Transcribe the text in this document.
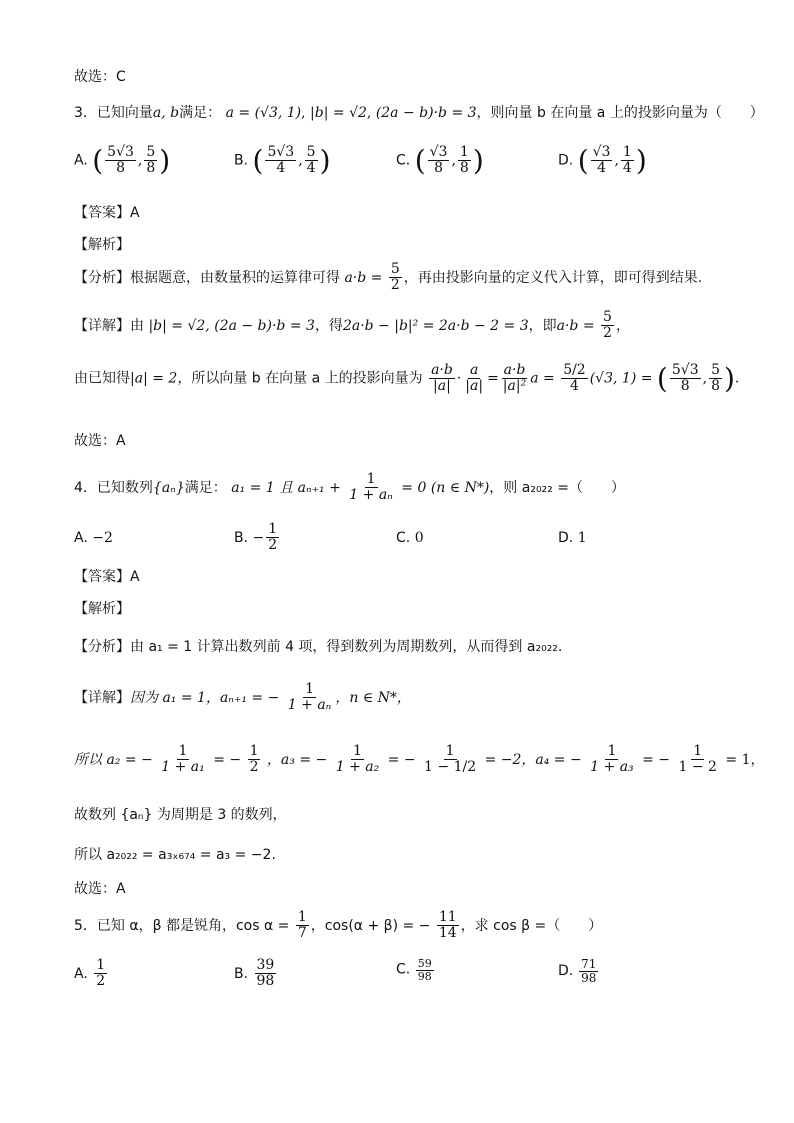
故选：C
3．已知向量a, b满足： a = (√3, 1), |b| = √2, (2a − b)·b = 3，则向量 b 在向量 a 上的投影向量为（　　）
A. ( $\frac{5√3}{8}$ , $\frac{5}{8}$ )	B. ( $\frac{5√3}{4}$ , $\frac{5}{4}$ )	C. ( $\frac{√3}{8}$ , $\frac{1}{8}$ )	D. ( $\frac{√3}{4}$ , $\frac{1}{4}$ )
【答案】A
【解析】
【分析】根据题意，由数量积的运算律可得 $a\cdot b = \frac{5}{2}$ ，再由投影向量的定义代入计算，即可得到结果.
【详解】由 |b| = √2, (2a − b)·b = 3，得2a·b − |b|² = 2a·b − 2 = 3，即$a\cdot b = \frac{5}{2}$ ，
由已知得|a| = 2，所以向量 b 在向量 a 上的投影向量为 $\frac{a\cdot b}{|a|} \cdot \frac{a}{|a|} = \frac{a\cdot b}{\text{|a|²}}$ $a = \frac{5/2}{4} (√3$, 1) = ( $\frac{5√3}{8}$ , $\frac{5}{8}$ ).
故选：A
4．已知数列{aₙ}满足： a₁ = 1 且 $a_{n+1} + \frac{1}{\text{1 + aₙ}} = 0$ (n ∈ N*)，则 a₂₀₂₂ =（　　）
A. −2	B. − $\frac{1}{2}$	C. 0	D. 1
【答案】A
【解析】
【分析】由 a₁ = 1 计算出数列前 4 项，得到数列为周期数列，从而得到 a₂₀₂₂.
【详解】因为 a₁ = 1，aₙ₊₁ = − $\frac{1}{\text{1 + aₙ}}$ ，n ∈ N*，
所以 a₂ = − $\frac{1}{\text{1 + a₁}}$ = − $\frac{1}{2}$ ，a₃ = − $\frac{1}{\text{1 + a₂}}$ = − $\frac{1}{1 - 1/2} = -2$，a₄ = − $\frac{1}{\text{1 + a₃}}$ = − $\frac{1}{1 - 2} = 1$，
故数列 {aₙ} 为周期是 3 的数列，
所以 a₂₀₂₂ = a₃ₓ₆₇₄ = a₃ = −2.
故选：A
5．已知 α，β 都是锐角，$\cos \alpha = \frac{1}{7}$ ，cos(α + β) = − $\frac{11}{14}$ ，求 cos β =（　　）
A. $\frac{1}{2}$	B. $\frac{39}{98}$	C. $\frac{59}{98}$	D. $\frac{71}{98}$
